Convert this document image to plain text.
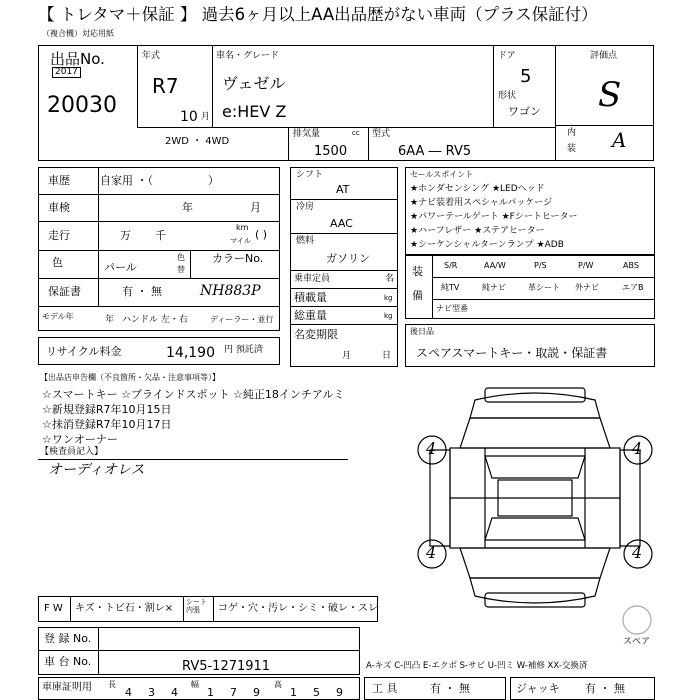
【 トレタマ＋保証 】 過去6ヶ月以上AA出品歴がない車両（プラス保証付）
（複合機）対応用紙
出品No.
2017
20030
年式
R7
10 月
車名・グレード
ヴェゼル
e:HEV Z
ドア
5
形状
ワゴン
評価点
S
内
装 A
2WD ・ 4WD
排気量	cc
1500
型式
6AA ― RV5
車歴	自家用 ・（　　　　　）
車検	年	月
走行	万 千
km
マイル ( )
色	パール
色
替
カラーNo.
保証書	有 ・ 無	NH883P
モデル年	年 ハンドル 左・右	ディーラー・並行
リサイクル料金	14,190 円 預託済
シフト
AT
冷房
AAC
燃料
ガソリン
乗車定員	名
積載量	kg
総重量	kg
名変期限
月	日
セールスポイント
★ホンダセンシング ★LEDヘッド
★ナビ装着用スペシャルパッケージ
★パワーテールゲート ★Fシートヒーター
★ハーフレザー ★ステアヒーター
★シーケンシャルターンランプ ★ADB
装
備
S/R	AA/W	P/S	P/W	ABS
純TV	純ナビ	革シート 外ナビ	エアB
ナビ型番
後日品
スペアスマートキー・取説・保証書
【出品店申告欄（不良箇所・欠品・注意事項等）】
☆スマートキー ☆ブラインドスポット ☆純正18インチアルミ
☆新規登録R7年10月15日
☆抹消登録R7年10月17日
☆ワンオーナー
【検査員記入】
オーディオレス
4	4
4	4
スペア
F W キズ・トビ石・割レ×
シート 内張	コゲ・穴・汚レ・シミ・破レ・スレ
登 録 No.
車 台 No.	RV5-1271911	A-キズ C-凹凸 E-エクボ S-サビ U-凹ミ W-補修 XX-交換済
車庫証明用 長
4 3 4
幅
1 7 9
高
1 5 9	工 具	有 ・ 無	ジャッキ 有 ・ 無
